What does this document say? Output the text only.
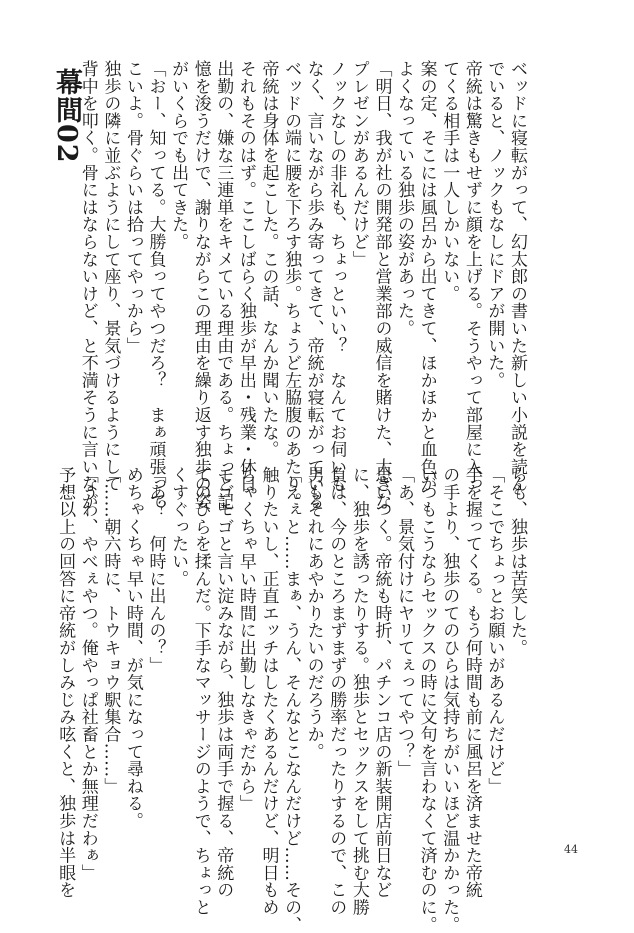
幕間02	ベッドに寝転がって、幻太郎の書いた新しい小説を読ん
でいると、ノックもなしにドアが開いた。
帝統は驚きもせずに顔を上げる。そうやって部屋に入っ
てくる相手は一人しかいない。
案の定、そこには風呂から出てきて、ほかほかと血色が
よくなっている独歩の姿があった。
「明日、我が社の開発部と営業部の威信を賭けた、大きな
プレゼンがあるんだけど」
ノックなしの非礼も、ちょっといい？　なんてお伺いも
なく、言いながら歩み寄ってきて、帝統が寝転がっている
ベッドの端に腰を下ろす独歩。ちょうど左脇腹のあたり。
帝統は身体を起こした。この話、なんか聞いたな。
それもそのはず。ここしばらく独歩が早出・残業・休日
出勤の、嫌な三連単をキメている理由である。ちょっと記
憶を浚うだけで、謝りながらこの理由を繰り返す独歩の姿
がいくらでも出てきた。
「おー、知ってる。大勝負ってやつだろ？　まぁ頑張って
こいよ。骨ぐらいは拾ってやっから」
独歩の隣に並ぶようにして座り、景気づけるようにして
背中を叩く。骨にはならないけど、と不満そうに言いなが
らも、独歩は苦笑した。
「そこでちょっとお願いがあるんだけど」
手を握ってくる。もう何時間も前に風呂を済ませた帝統
の手より、独歩のてのひらは気持ちがいいほど温かかった。
いつもこうならセックスの時に文句を言わなくて済むのに。
「あ、景気付けにヤリてぇってやつ？」
思いつく。帝統も時折、パチンコ店の新装開店前日など
に、独歩を誘ったりする。独歩とセックスをして挑む大勝
負は、今のところまずまずの勝率だったりするので、この
男もそれにあやかりたいのだろうか。
「えぇと……まぁ、うん、そんなとこなんだけど……その、
触りたいし、正直エッチはしたくあるんだけど、明日もめ
ちゃくちゃ早い時間に出勤しなきゃだから」
モゴモゴと言い淀みながら、独歩は両手で握る、帝統の
てのひらを揉んだ。下手なマッサージのようで、ちょっと
くすぐったい。
「あ？　何時に出んの？」
めちゃくちゃ早い時間、が気になって尋ねる。
「……朝六時に、トウキョウ駅集合……」
「うわ、やべぇやつ。俺やっぱ社畜とか無理だわぁ」
予想以上の回答に帝統がしみじみ呟くと、独歩は半眼を	44
